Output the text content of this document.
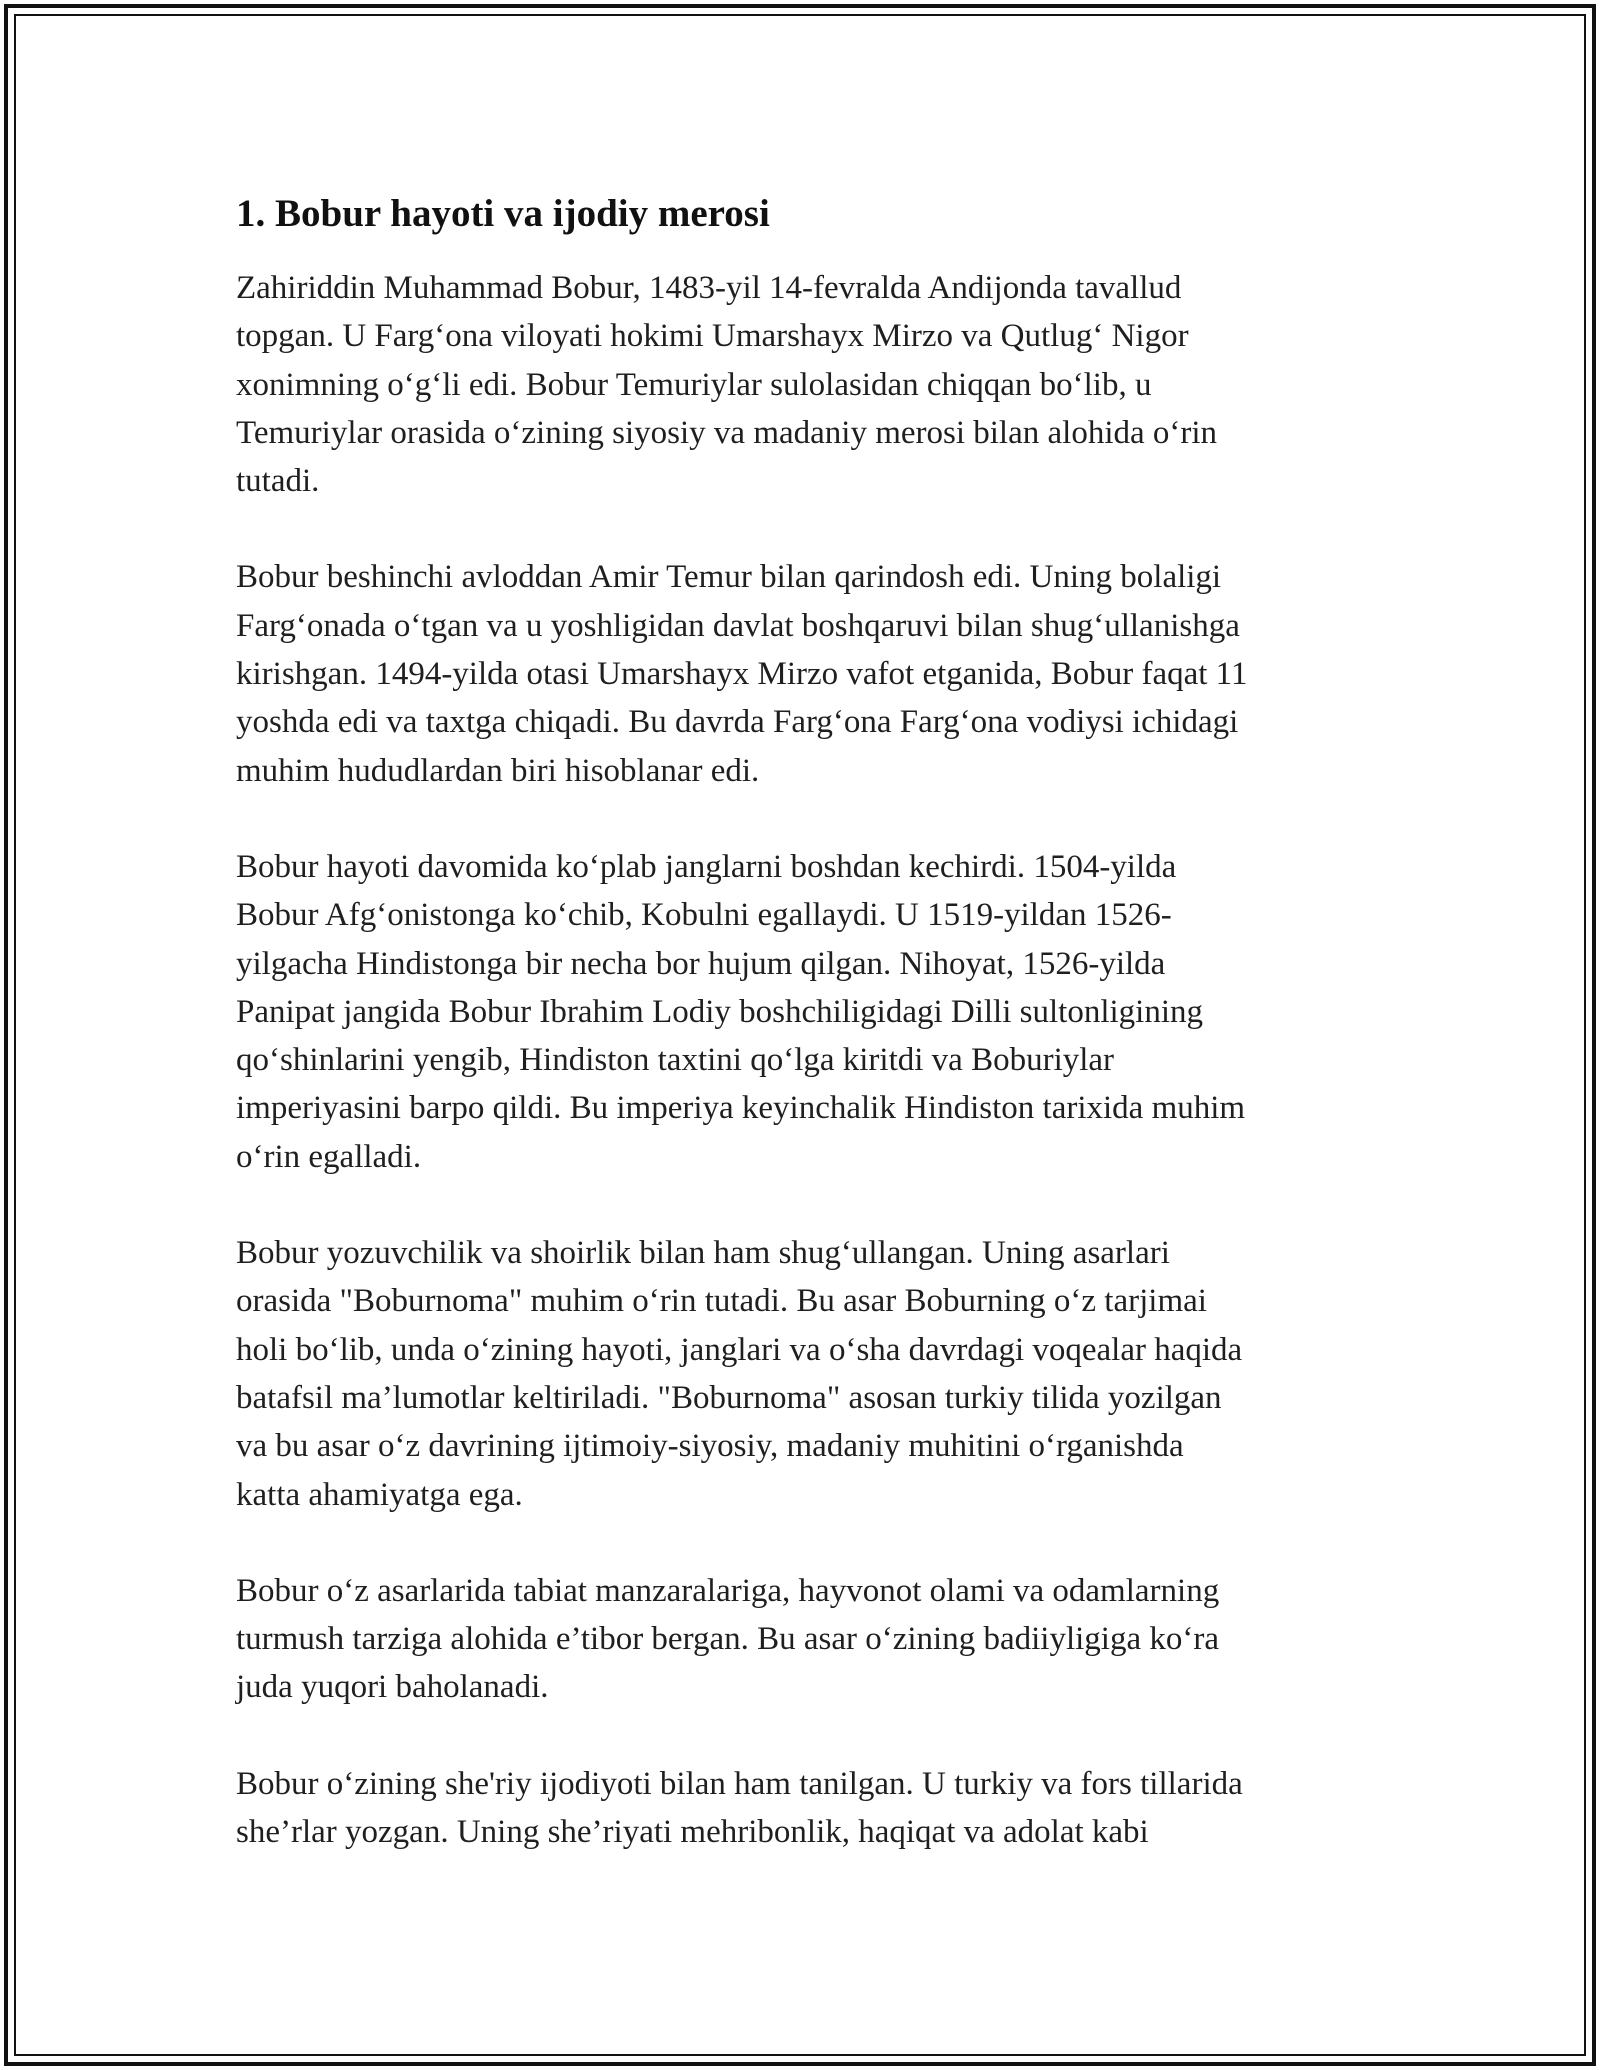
1. Bobur hayoti va ijodiy merosi

Zahiriddin Muhammad Bobur, 1483-yil 14-fevralda Andijonda tavallud
topgan. U Farg‘ona viloyati hokimi Umarshayx Mirzo va Qutlug‘ Nigor
xonimning o‘g‘li edi. Bobur Temuriylar sulolasidan chiqqan bo‘lib, u
Temuriylar orasida o‘zining siyosiy va madaniy merosi bilan alohida o‘rin
tutadi.

Bobur beshinchi avloddan Amir Temur bilan qarindosh edi. Uning bolaligi
Farg‘onada o‘tgan va u yoshligidan davlat boshqaruvi bilan shug‘ullanishga
kirishgan. 1494-yilda otasi Umarshayx Mirzo vafot etganida, Bobur faqat 11
yoshda edi va taxtga chiqadi. Bu davrda Farg‘ona Farg‘ona vodiysi ichidagi
muhim hududlardan biri hisoblanar edi.

Bobur hayoti davomida ko‘plab janglarni boshdan kechirdi. 1504-yilda
Bobur Afg‘onistonga ko‘chib, Kobulni egallaydi. U 1519-yildan 1526-
yilgacha Hindistonga bir necha bor hujum qilgan. Nihoyat, 1526-yilda
Panipat jangida Bobur Ibrahim Lodiy boshchiligidagi Dilli sultonligining
qo‘shinlarini yengib, Hindiston taxtini qo‘lga kiritdi va Boburiylar
imperiyasini barpo qildi. Bu imperiya keyinchalik Hindiston tarixida muhim
o‘rin egalladi.

Bobur yozuvchilik va shoirlik bilan ham shug‘ullangan. Uning asarlari
orasida "Boburnoma" muhim o‘rin tutadi. Bu asar Boburning o‘z tarjimai
holi bo‘lib, unda o‘zining hayoti, janglari va o‘sha davrdagi voqealar haqida
batafsil ma’lumotlar keltiriladi. "Boburnoma" asosan turkiy tilida yozilgan
va bu asar o‘z davrining ijtimoiy-siyosiy, madaniy muhitini o‘rganishda
katta ahamiyatga ega.

Bobur o‘z asarlarida tabiat manzaralariga, hayvonot olami va odamlarning
turmush tarziga alohida e’tibor bergan. Bu asar o‘zining badiiyligiga ko‘ra
juda yuqori baholanadi.

Bobur o‘zining she'riy ijodiyoti bilan ham tanilgan. U turkiy va fors tillarida
she’rlar yozgan. Uning she’riyati mehribonlik, haqiqat va adolat kabi
